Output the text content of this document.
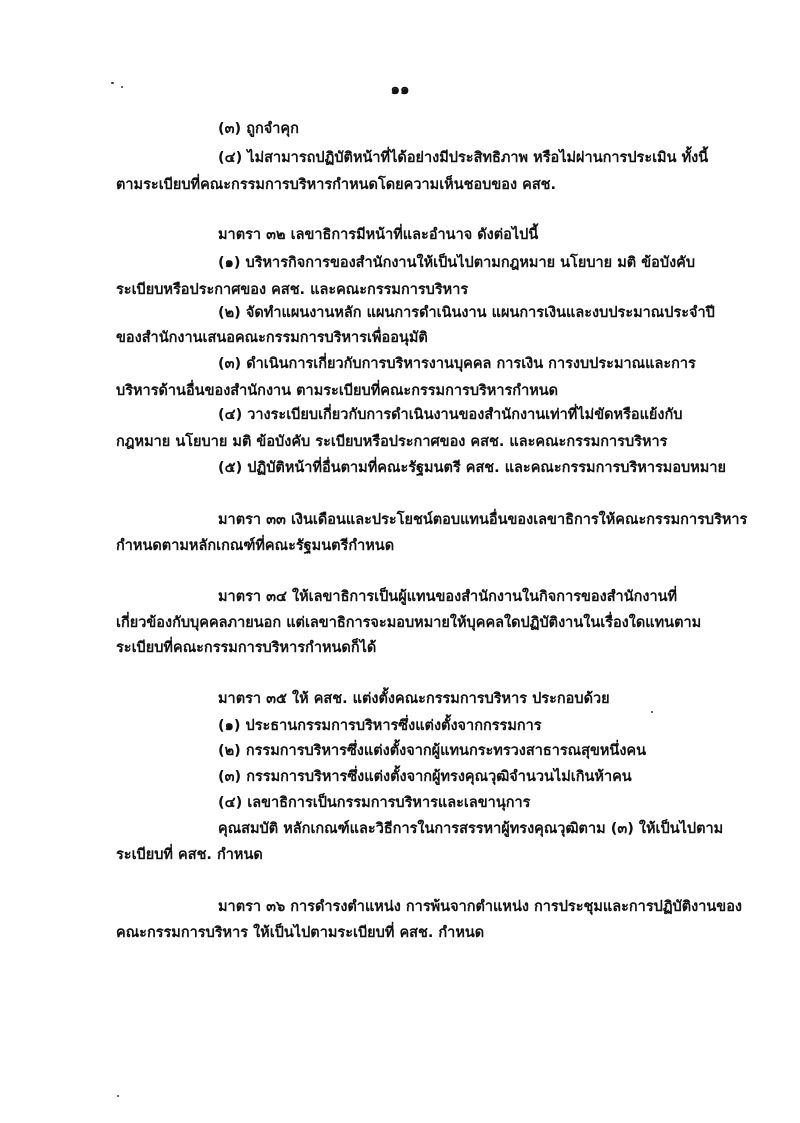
๑๑
(๓) ถูกจำคุก
(๔) ไม่สามารถปฏิบัติหน้าที่ได้อย่างมีประสิทธิภาพ หรือไม่ผ่านการประเมิน ทั้งนี้
ตามระเบียบที่คณะกรรมการบริหารกำหนดโดยความเห็นชอบของ คสช.
มาตรา ๓๒ เลขาธิการมีหน้าที่และอำนาจ ดังต่อไปนี้
(๑) บริหารกิจการของสำนักงานให้เป็นไปตามกฎหมาย นโยบาย มติ ข้อบังคับ
ระเบียบหรือประกาศของ คสช. และคณะกรรมการบริหาร
(๒) จัดทำแผนงานหลัก แผนการดำเนินงาน แผนการเงินและงบประมาณประจำปี
ของสำนักงานเสนอคณะกรรมการบริหารเพื่ออนุมัติ
(๓) ดำเนินการเกี่ยวกับการบริหารงานบุคคล การเงิน การงบประมาณและการ
บริหารด้านอื่นของสำนักงาน ตามระเบียบที่คณะกรรมการบริหารกำหนด
(๔) วางระเบียบเกี่ยวกับการดำเนินงานของสำนักงานเท่าที่ไม่ขัดหรือแย้งกับ
กฎหมาย นโยบาย มติ ข้อบังคับ ระเบียบหรือประกาศของ คสช. และคณะกรรมการบริหาร
(๕) ปฏิบัติหน้าที่อื่นตามที่คณะรัฐมนตรี คสช. และคณะกรรมการบริหารมอบหมาย
มาตรา ๓๓ เงินเดือนและประโยชน์ตอบแทนอื่นของเลขาธิการให้คณะกรรมการบริหาร
กำหนดตามหลักเกณฑ์ที่คณะรัฐมนตรีกำหนด
มาตรา ๓๔ ให้เลขาธิการเป็นผู้แทนของสำนักงานในกิจการของสำนักงานที่
เกี่ยวข้องกับบุคคลภายนอก แต่เลขาธิการจะมอบหมายให้บุคคลใดปฏิบัติงานในเรื่องใดแทนตาม
ระเบียบที่คณะกรรมการบริหารกำหนดก็ได้
มาตรา ๓๕ ให้ คสช. แต่งตั้งคณะกรรมการบริหาร ประกอบด้วย
(๑) ประธานกรรมการบริหารซึ่งแต่งตั้งจากกรรมการ
(๒) กรรมการบริหารซึ่งแต่งตั้งจากผู้แทนกระทรวงสาธารณสุขหนึ่งคน
(๓) กรรมการบริหารซึ่งแต่งตั้งจากผู้ทรงคุณวุฒิจำนวนไม่เกินห้าคน
(๔) เลขาธิการเป็นกรรมการบริหารและเลขานุการ
คุณสมบัติ หลักเกณฑ์และวิธีการในการสรรหาผู้ทรงคุณวุฒิตาม (๓) ให้เป็นไปตาม
ระเบียบที่ คสช. กำหนด
มาตรา ๓๖ การดำรงตำแหน่ง การพ้นจากตำแหน่ง การประชุมและการปฏิบัติงานของ
คณะกรรมการบริหาร ให้เป็นไปตามระเบียบที่ คสช. กำหนด
